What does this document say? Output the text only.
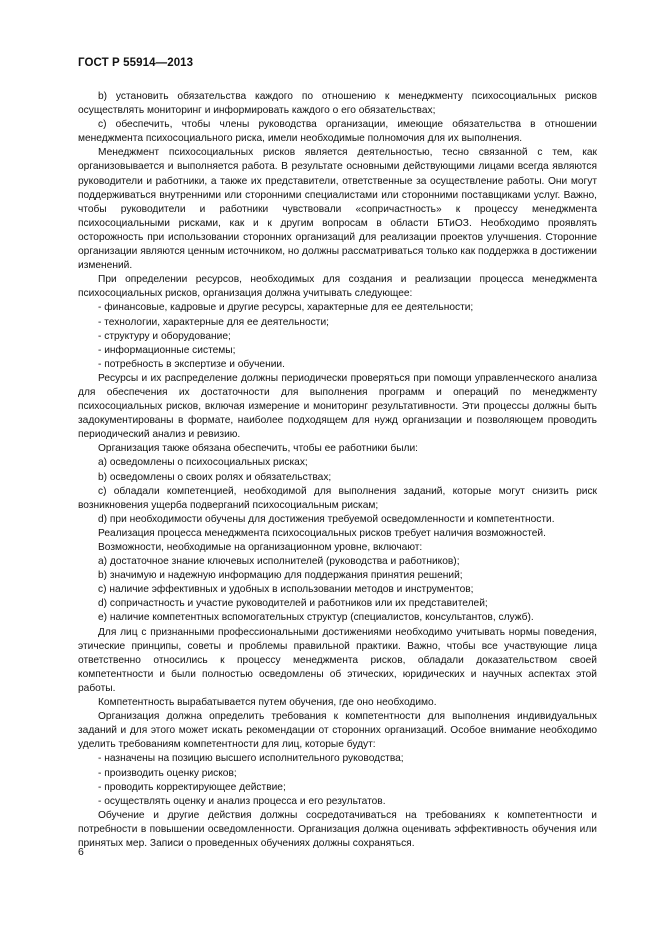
ГОСТ Р 55914—2013

b) установить обязательства каждого по отношению к менеджменту психосоциальных рисков осуществлять мониторинг и информировать каждого о его обязательствах;

c) обеспечить, чтобы члены руководства организации, имеющие обязательства в отношении менеджмента психосоциального риска, имели необходимые полномочия для их выполнения.

Менеджмент психосоциальных рисков является деятельностью, тесно связанной с тем, как организовывается и выполняется работа. В результате основными действующими лицами всегда являются руководители и работники, а также их представители, ответственные за осуществление работы. Они могут поддерживаться внутренними или сторонними специалистами или сторонними поставщиками услуг. Важно, чтобы руководители и работники чувствовали «сопричастность» к процессу менеджмента психосоциальными рисками, как и к другим вопросам в области БТиОЗ. Необходимо проявлять осторожность при использовании сторонних организаций для реализации проектов улучшения. Сторонние организации являются ценным источником, но должны рассматриваться только как поддержка в достижении изменений.

При определении ресурсов, необходимых для создания и реализации процесса менеджмента психосоциальных рисков, организация должна учитывать следующее:

- финансовые, кадровые и другие ресурсы, характерные для ее деятельности;

- технологии, характерные для ее деятельности;

- структуру и оборудование;

- информационные системы;

- потребность в экспертизе и обучении.

Ресурсы и их распределение должны периодически проверяться при помощи управленческого анализа для обеспечения их достаточности для выполнения программ и операций по менеджменту психосоциальных рисков, включая измерение и мониторинг результативности. Эти процессы должны быть задокументированы в формате, наиболее подходящем для нужд организации и позволяющем проводить периодический анализ и ревизию.

Организация также обязана обеспечить, чтобы ее работники были:

a) осведомлены о психосоциальных рисках;

b) осведомлены о своих ролях и обязательствах;

c) обладали компетенцией, необходимой для выполнения заданий, которые могут снизить риск возникновения ущерба подверганий психосоциальным рискам;

d) при необходимости обучены для достижения требуемой осведомленности и компетентности.

Реализация процесса менеджмента психосоциальных рисков требует наличия возможностей.

Возможности, необходимые на организационном уровне, включают:

a) достаточное знание ключевых исполнителей (руководства и работников);

b) значимую и надежную информацию для поддержания принятия решений;

c) наличие эффективных и удобных в использовании методов и инструментов;

d) сопричастность и участие руководителей и работников или их представителей;

e) наличие компетентных вспомогательных структур (специалистов, консультантов, служб).

Для лиц с признанными профессиональными достижениями необходимо учитывать нормы поведения, этические принципы, советы и проблемы правильной практики. Важно, чтобы все участвующие лица ответственно относились к процессу менеджмента рисков, обладали доказательством своей компетентности и были полностью осведомлены об этических, юридических и научных аспектах этой работы.

Компетентность вырабатывается путем обучения, где оно необходимо.

Организация должна определить требования к компетентности для выполнения индивидуальных заданий и для этого может искать рекомендации от сторонних организаций. Особое внимание необходимо уделить требованиям компетентности для лиц, которые будут:

- назначены на позицию высшего исполнительного руководства;

- производить оценку рисков;

- проводить корректирующее действие;

- осуществлять оценку и анализ процесса и его результатов.

Обучение и другие действия должны сосредотачиваться на требованиях к компетентности и потребности в повышении осведомленности. Организация должна оценивать эффективность обучения или принятых мер. Записи о проведенных обучениях должны сохраняться.

6
